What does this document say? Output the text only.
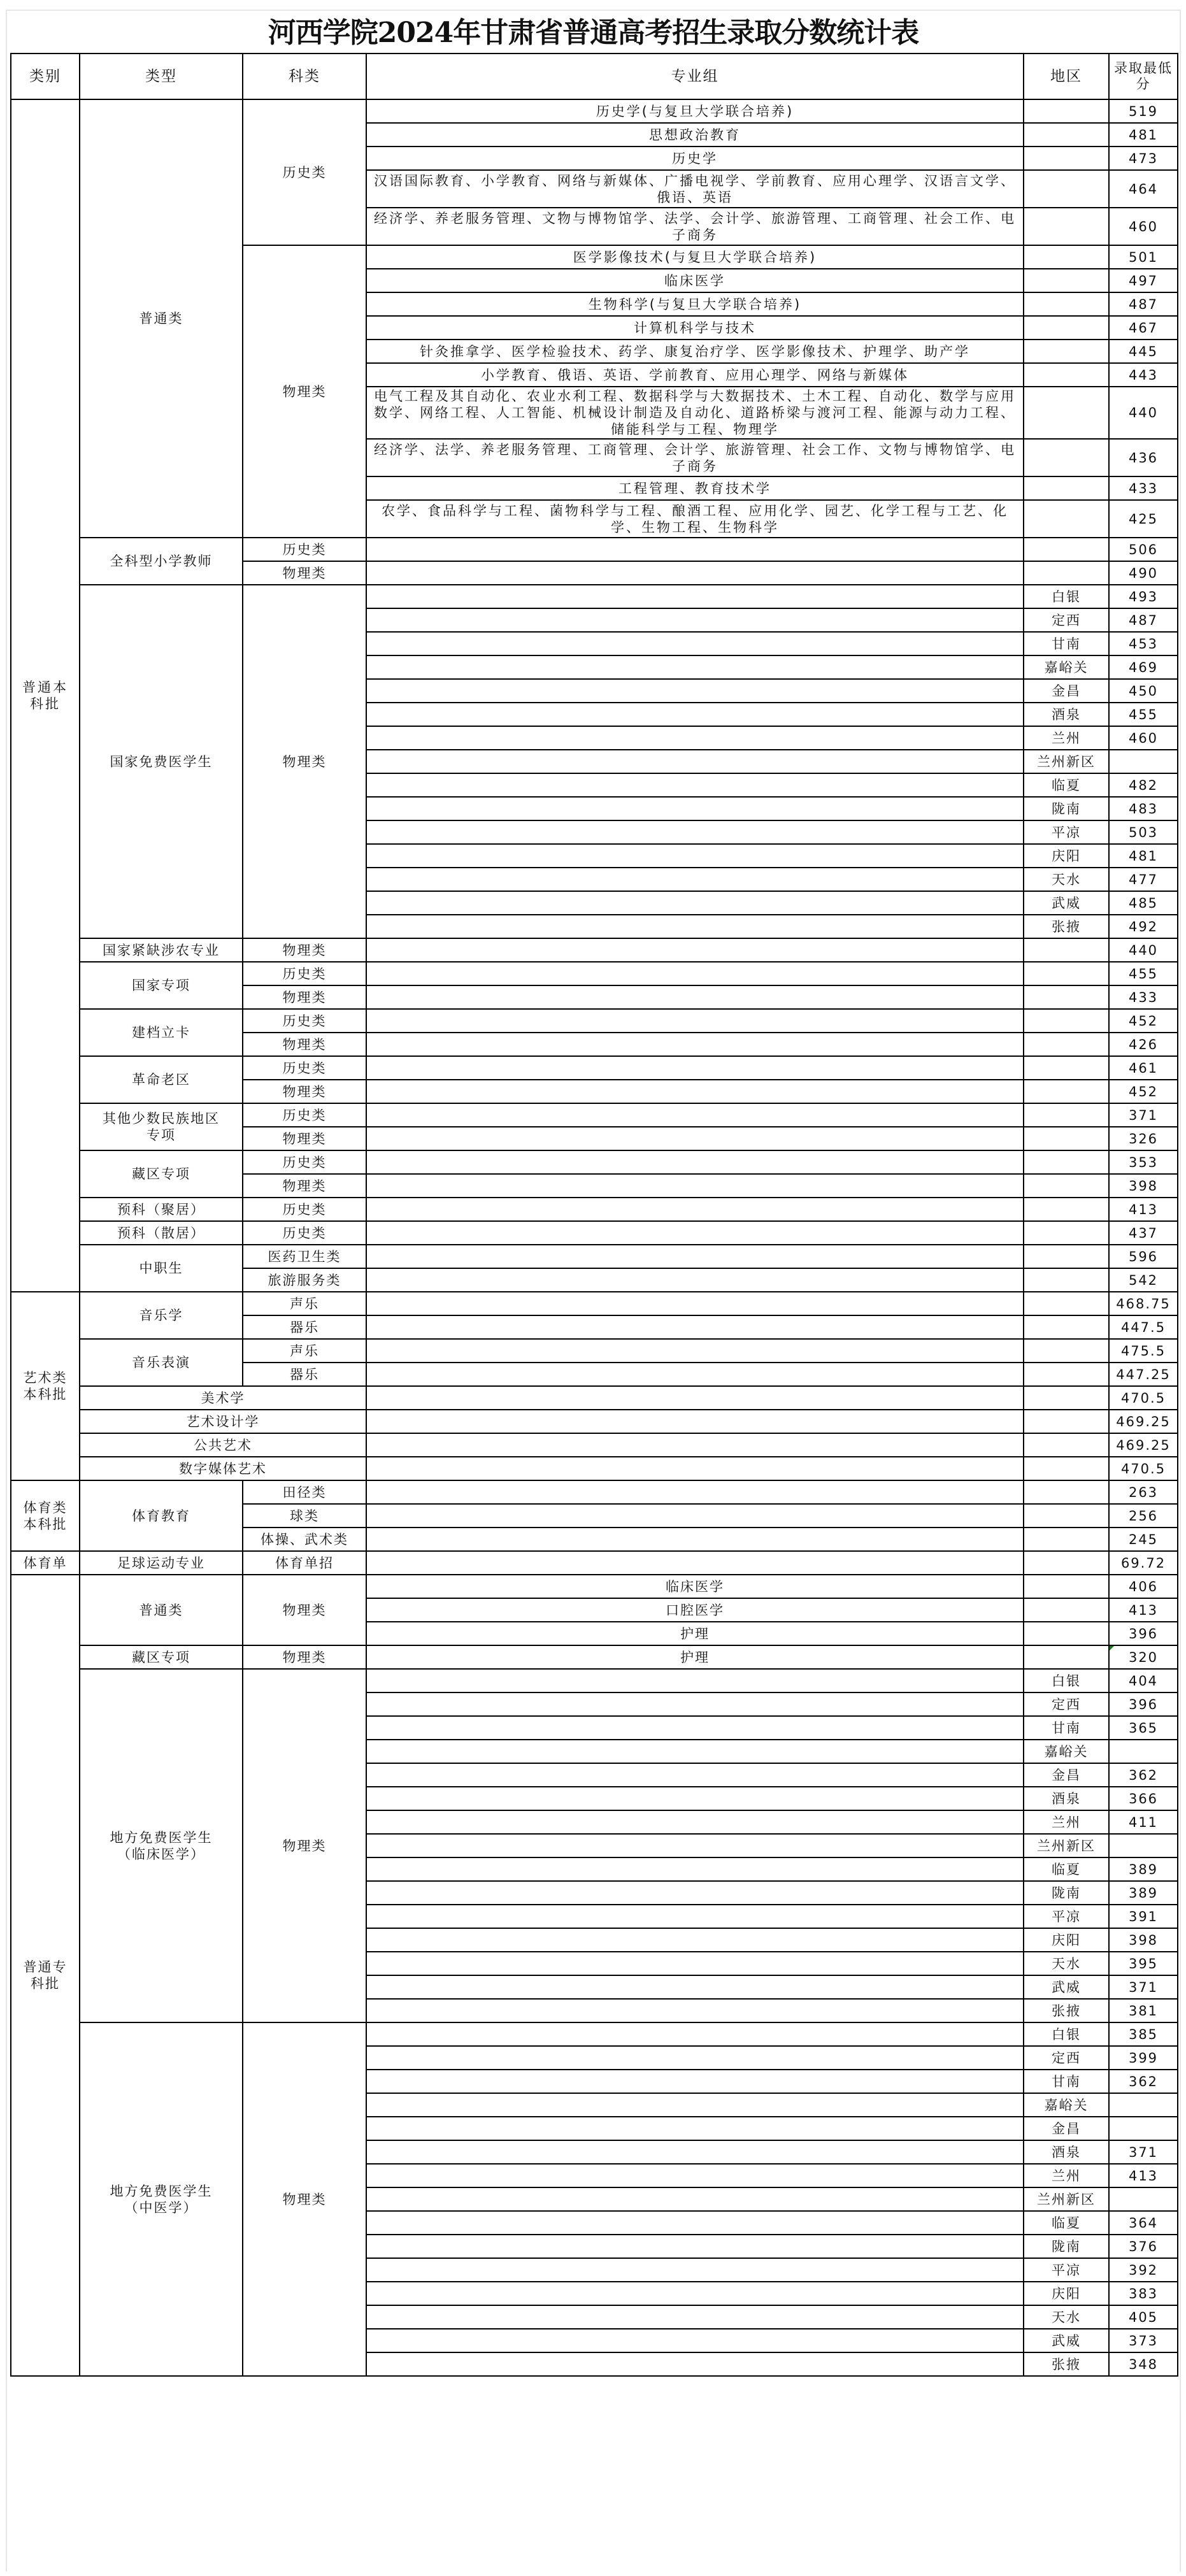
河西学院2024年甘肃省普通高考招生录取分数统计表
类别	类型	科类	专业组	地区	录取最低分
普通本科批	普通类	历史类	历史学(与复旦大学联合培养)		519
			思想政治教育		481
			历史学		473
			汉语国际教育、小学教育、网络与新媒体、广播电视学、学前教育、应用心理学、汉语言文学、俄语、英语		464
			经济学、养老服务管理、文物与博物馆学、法学、会计学、旅游管理、工商管理、社会工作、电子商务		460
		物理类	医学影像技术(与复旦大学联合培养)		501
			临床医学		497
			生物科学(与复旦大学联合培养)		487
			计算机科学与技术		467
			针灸推拿学、医学检验技术、药学、康复治疗学、医学影像技术、护理学、助产学		445
			小学教育、俄语、英语、学前教育、应用心理学、网络与新媒体		443
			电气工程及其自动化、农业水利工程、数据科学与大数据技术、土木工程、自动化、数学与应用数学、网络工程、人工智能、机械设计制造及自动化、道路桥梁与渡河工程、能源与动力工程、储能科学与工程、物理学		440
			经济学、法学、养老服务管理、工商管理、会计学、旅游管理、社会工作、文物与博物馆学、电子商务		436
			工程管理、教育技术学		433
			农学、食品科学与工程、菌物科学与工程、酿酒工程、应用化学、园艺、化学工程与工艺、化学、生物工程、生物科学		425
	全科型小学教师	历史类			506
		物理类			490
	国家免费医学生	物理类		白银	493
				定西	487
				甘南	453
				嘉峪关	469
				金昌	450
				酒泉	455
				兰州	460
				兰州新区	
				临夏	482
				陇南	483
				平凉	503
				庆阳	481
				天水	477
				武威	485
				张掖	492
	国家紧缺涉农专业	物理类			440
	国家专项	历史类			455
		物理类			433
	建档立卡	历史类			452
		物理类			426
	革命老区	历史类			461
		物理类			452
	其他少数民族地区专项	历史类			371
		物理类			326
	藏区专项	历史类			353
		物理类			398
	预科（聚居）	历史类			413
	预科（散居）	历史类			437
	中职生	医药卫生类			596
		旅游服务类			542
艺术类本科批	音乐学	声乐			468.75
		器乐			447.5
	音乐表演	声乐			475.5
		器乐			447.25
	美术学				470.5
	艺术设计学				469.25
	公共艺术				469.25
	数字媒体艺术				470.5
体育类本科批	体育教育	田径类			263
		球类			256
		体操、武术类			245
体育单	足球运动专业	体育单招			69.72
普通专科批	普通类	物理类	临床医学		406
			口腔医学		413
			护理		396
	藏区专项	物理类	护理		320
	地方免费医学生（临床医学）	物理类		白银	404
				定西	396
				甘南	365
				嘉峪关	
				金昌	362
				酒泉	366
				兰州	411
				兰州新区	
				临夏	389
				陇南	389
				平凉	391
				庆阳	398
				天水	395
				武威	371
				张掖	381
	地方免费医学生（中医学）	物理类		白银	385
				定西	399
				甘南	362
				嘉峪关	
				金昌	
				酒泉	371
				兰州	413
				兰州新区	
				临夏	364
				陇南	376
				平凉	392
				庆阳	383
				天水	405
				武威	373
				张掖	348
